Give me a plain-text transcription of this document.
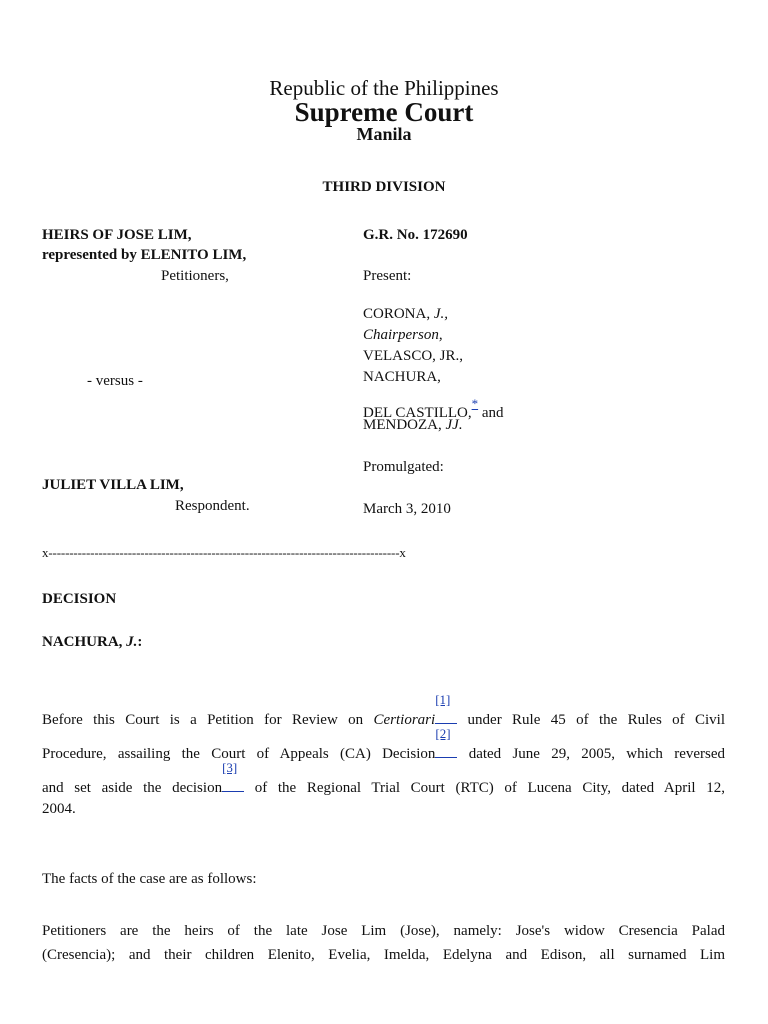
Republic of the Philippines
Supreme Court
Manila
THIRD DIVISION
HEIRS OF JOSE LIM,
represented by ELENITO LIM,
Petitioners,
- versus -
JULIET VILLA LIM,
Respondent.
G.R. No. 172690
Present:
CORONA, J.,
Chairperson,
VELASCO, JR.,
NACHURA,
DEL CASTILLO,* and
MENDOZA, JJ.
Promulgated:
March 3, 2010
x------------------------------------------------------------------------------------x
DECISION
NACHURA, J.:
Before this Court is a Petition for Review on Certiorari
[1]
under Rule 45 of the Rules of Civil
Procedure, assailing the Court of Appeals (CA) Decision
[2]
dated June 29, 2005, which reversed
and set aside the decision
[3]
of the Regional Trial Court (RTC) of Lucena City, dated April 12,
2004.
The facts of the case are as follows:
Petitioners are the heirs of the late Jose Lim (Jose), namely: Jose's widow Cresencia Palad
(Cresencia); and their children Elenito, Evelia, Imelda, Edelyna and Edison, all surnamed Lim
